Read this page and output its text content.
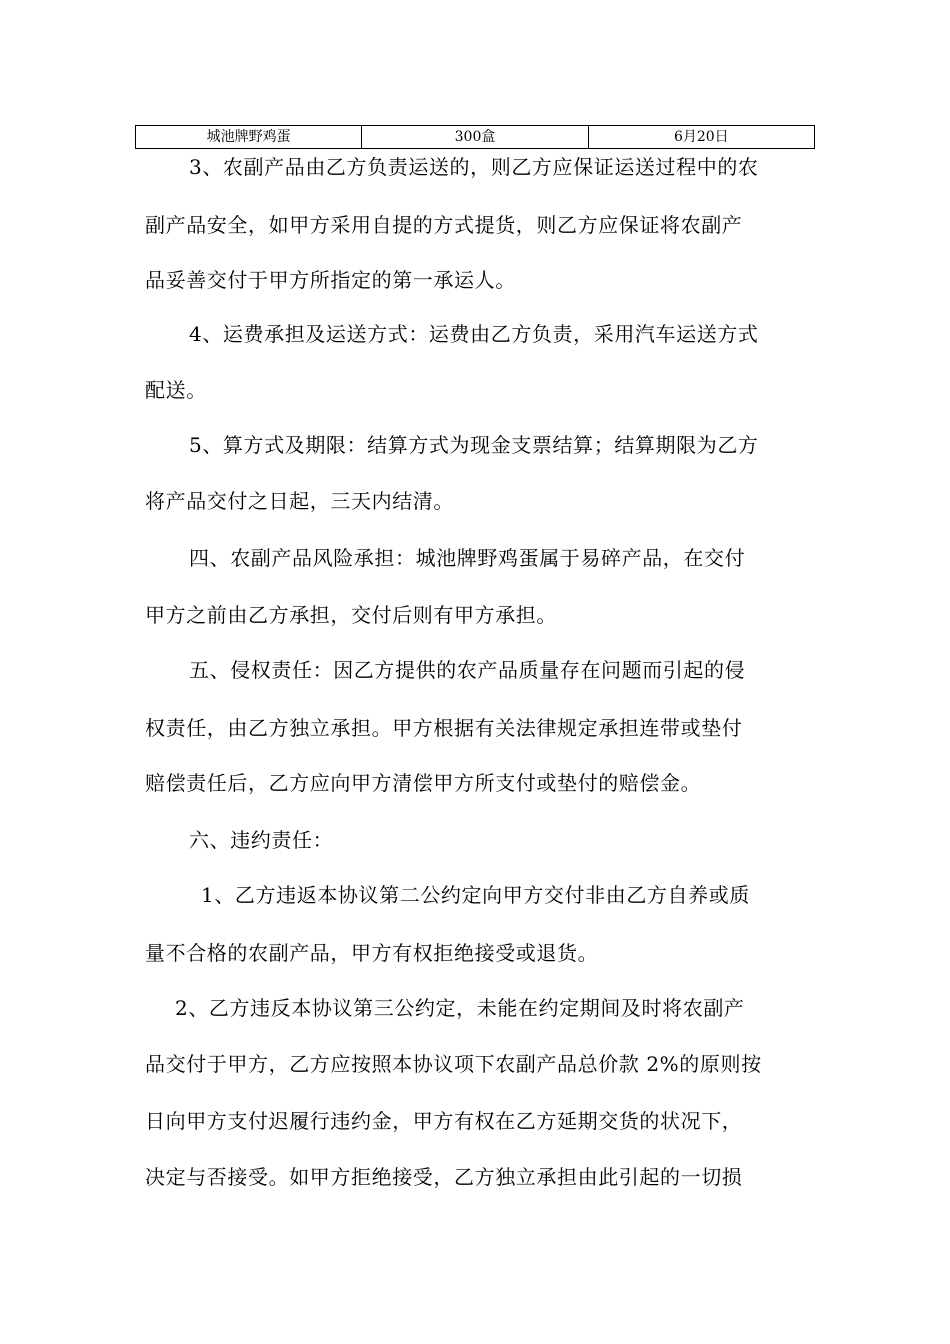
城池牌野鸡蛋	300盒	6月20日
3、农副产品由乙方负责运送的，则乙方应保证运送过程中的农
副产品安全，如甲方采用自提的方式提货，则乙方应保证将农副产
品妥善交付于甲方所指定的第一承运人。
4、运费承担及运送方式：运费由乙方负责，采用汽车运送方式
配送。
5、算方式及期限：结算方式为现金支票结算；结算期限为乙方
将产品交付之日起，三天内结清。
四、农副产品风险承担：城池牌野鸡蛋属于易碎产品，在交付
甲方之前由乙方承担，交付后则有甲方承担。
五、侵权责任：因乙方提供的农产品质量存在问题而引起的侵
权责任，由乙方独立承担。甲方根据有关法律规定承担连带或垫付
赔偿责任后，乙方应向甲方清偿甲方所支付或垫付的赔偿金。
六、违约责任：
1、乙方违返本协议第二公约定向甲方交付非由乙方自养或质
量不合格的农副产品，甲方有权拒绝接受或退货。
2、乙方违反本协议第三公约定，未能在约定期间及时将农副产
品交付于甲方，乙方应按照本协议项下农副产品总价款 2%的原则按
日向甲方支付迟履行违约金，甲方有权在乙方延期交货的状况下，
决定与否接受。如甲方拒绝接受，乙方独立承担由此引起的一切损
